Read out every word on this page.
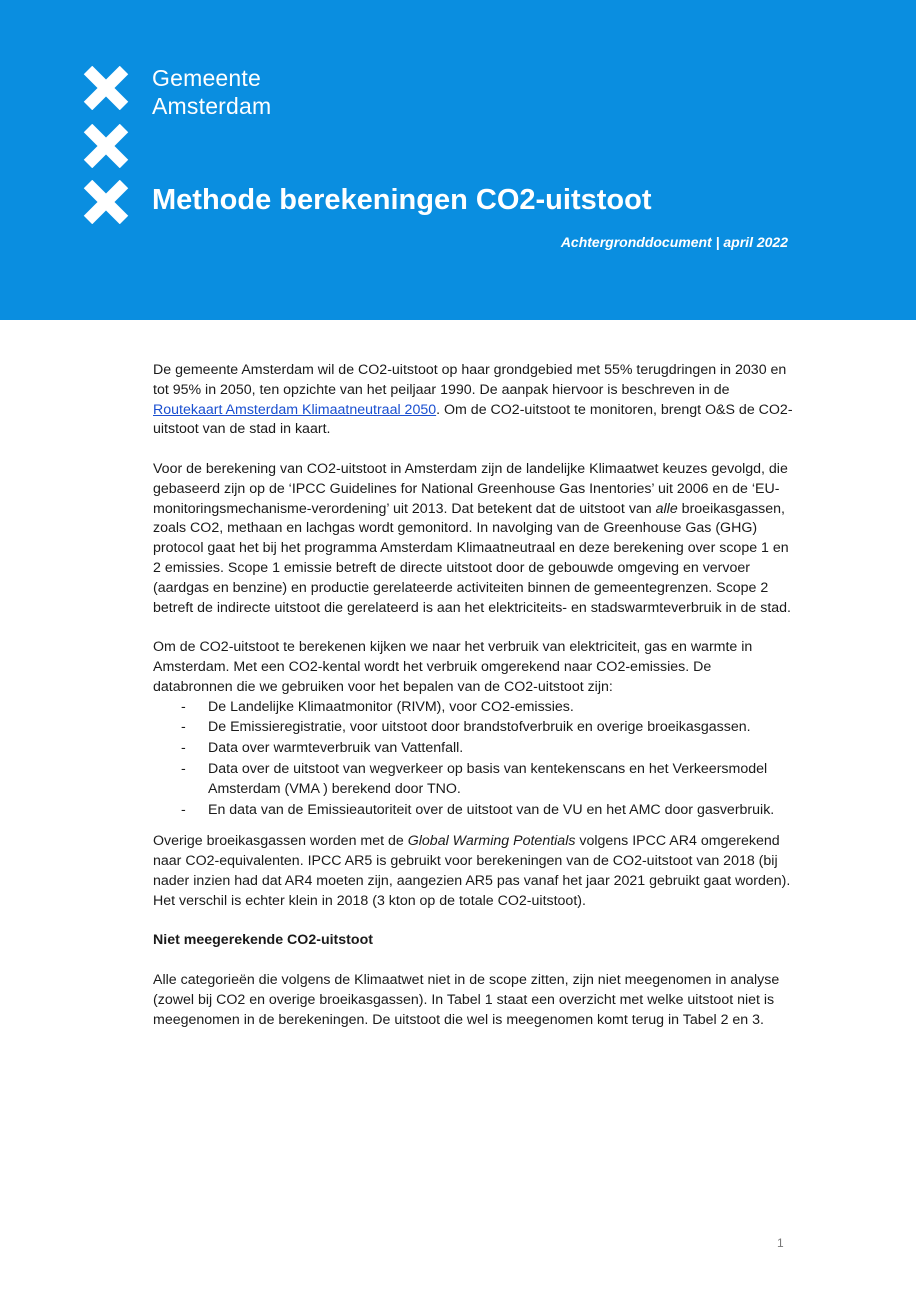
Gemeente
Amsterdam
Methode berekeningen CO2-uitstoot
Achtergronddocument | april 2022

De gemeente Amsterdam wil de CO2-uitstoot op haar grondgebied met 55% terugdringen in 2030 en tot 95% in 2050, ten opzichte van het peiljaar 1990. De aanpak hiervoor is beschreven in de Routekaart Amsterdam Klimaatneutraal 2050. Om de CO2-uitstoot te monitoren, brengt O&S de CO2-uitstoot van de stad in kaart.

Voor de berekening van CO2-uitstoot in Amsterdam zijn de landelijke Klimaatwet keuzes gevolgd, die gebaseerd zijn op de ‘IPCC Guidelines for National Greenhouse Gas Inentories’ uit 2006 en de ‘EU-monitoringsmechanisme-verordening’ uit 2013. Dat betekent dat de uitstoot van alle broeikasgassen, zoals CO2, methaan en lachgas wordt gemonitord. In navolging van de Greenhouse Gas (GHG) protocol gaat het bij het programma Amsterdam Klimaatneutraal en deze berekening over scope 1 en 2 emissies. Scope 1 emissie betreft de directe uitstoot door de gebouwde omgeving en vervoer (aardgas en benzine) en productie gerelateerde activiteiten binnen de gemeentegrenzen. Scope 2 betreft de indirecte uitstoot die gerelateerd is aan het elektriciteits- en stadswarmteverbruik in de stad.

Om de CO2-uitstoot te berekenen kijken we naar het verbruik van elektriciteit, gas en warmte in Amsterdam. Met een CO2-kental wordt het verbruik omgerekend naar CO2-emissies. De databronnen die we gebruiken voor het bepalen van de CO2-uitstoot zijn:

- De Landelijke Klimaatmonitor (RIVM), voor CO2-emissies.
- De Emissieregistratie, voor uitstoot door brandstofverbruik en overige broeikasgassen.
- Data over warmteverbruik van Vattenfall.
- Data over de uitstoot van wegverkeer op basis van kentekenscans en het Verkeersmodel Amsterdam (VMA ) berekend door TNO.
- En data van de Emissieautoriteit over de uitstoot van de VU en het AMC door gasverbruik.

Overige broeikasgassen worden met de Global Warming Potentials volgens IPCC AR4 omgerekend naar CO2-equivalenten. IPCC AR5 is gebruikt voor berekeningen van de CO2-uitstoot van 2018 (bij nader inzien had dat AR4 moeten zijn, aangezien AR5 pas vanaf het jaar 2021 gebruikt gaat worden). Het verschil is echter klein in 2018 (3 kton op de totale CO2-uitstoot).

Niet meegerekende CO2-uitstoot

Alle categorieën die volgens de Klimaatwet niet in de scope zitten, zijn niet meegenomen in analyse (zowel bij CO2 en overige broeikasgassen). In Tabel 1 staat een overzicht met welke uitstoot niet is meegenomen in de berekeningen. De uitstoot die wel is meegenomen komt terug in Tabel 2 en 3.

1
